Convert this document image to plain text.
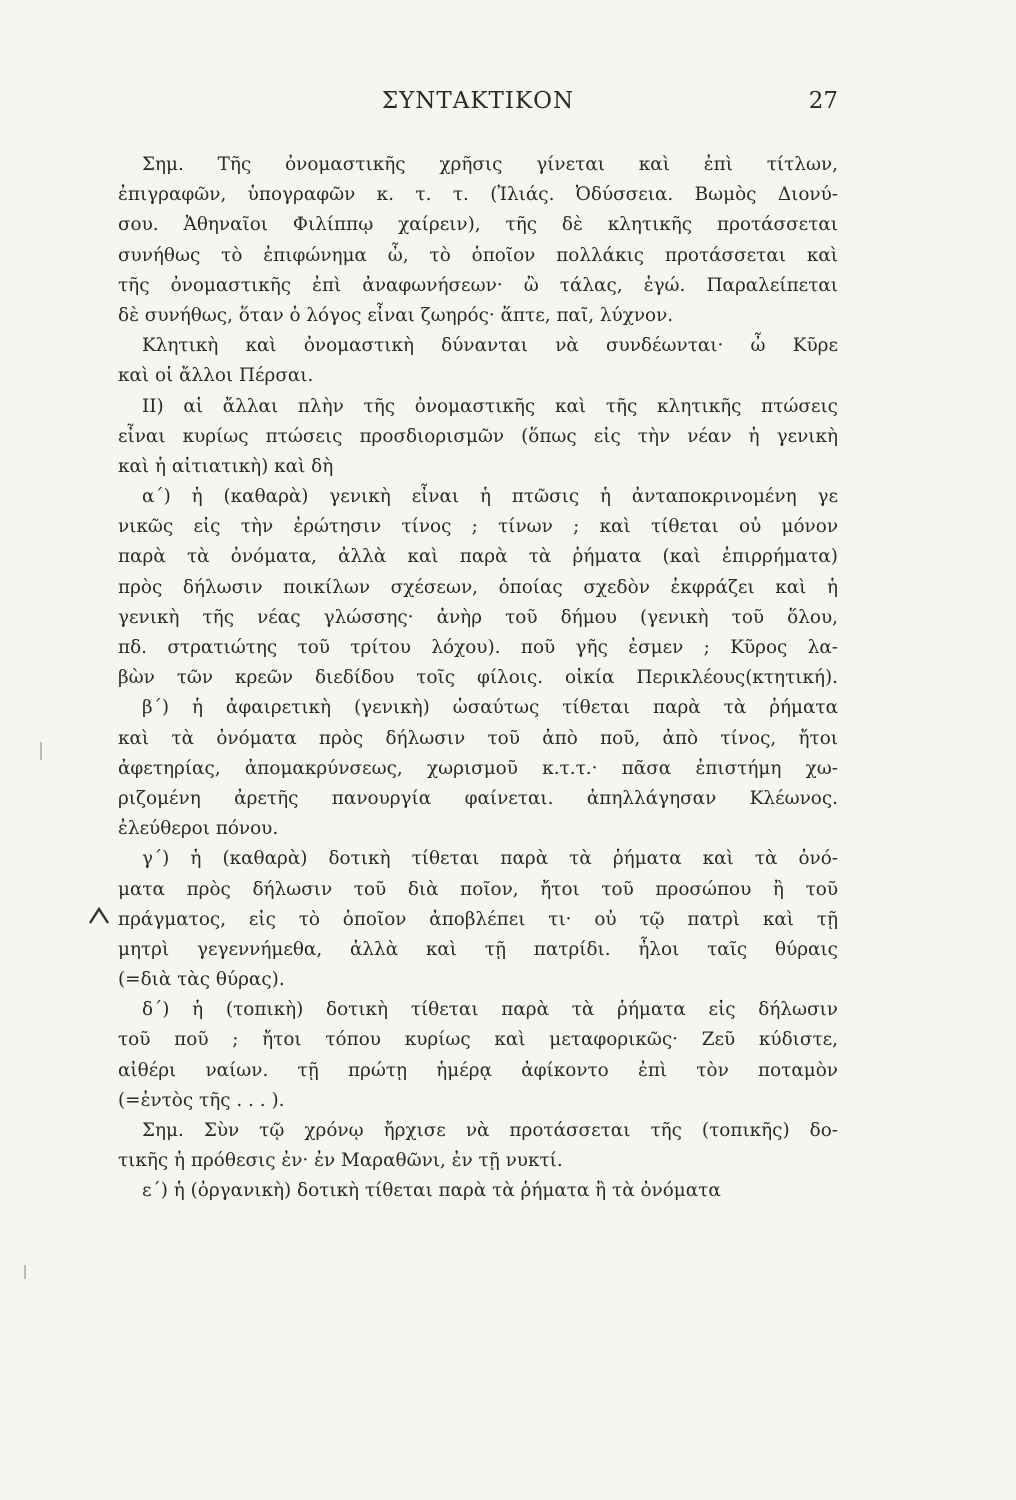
ΣΥΝΤΑΚΤΙΚΟΝ	27
Σημ. Τῆς ὀνομαστικῆς χρῆσις γίνεται καὶ ἐπὶ τίτλων,
ἐπιγραφῶν, ὑπογραφῶν κ. τ. τ. (Ἰλιάς. Ὀδύσσεια. Βωμὸς Διονύ-
σου. Ἀθηναῖοι Φιλίππῳ χαίρειν), τῆς δὲ κλητικῆς προτάσσεται
συνήθως τὸ ἐπιφώνημα ὦ, τὸ ὁποῖον πολλάκις προτάσσεται καὶ
τῆς ὀνομαστικῆς ἐπὶ ἀναφωνήσεων· ὢ τάλας, ἐγώ. Παραλείπεται
δὲ συνήθως, ὅταν ὁ λόγος εἶναι ζωηρός· ἅπτε, παῖ, λύχνον.
Κλητικὴ καὶ ὀνομαστικὴ δύνανται νὰ συνδέωνται· ὦ Κῦρε
καὶ οἱ ἄλλοι Πέρσαι.
II) αἱ ἄλλαι πλὴν τῆς ὀνομαστικῆς καὶ τῆς κλητικῆς πτώσεις
εἶναι κυρίως πτώσεις προσδιορισμῶν (ὅπως εἰς τὴν νέαν ἡ γενικὴ
καὶ ἡ αἰτιατικὴ) καὶ δὴ
α΄) ἡ (καθαρὰ) γενικὴ εἶναι ἡ πτῶσις ἡ ἀνταποκρινομένη γε
νικῶς εἰς τὴν ἐρώτησιν τίνος ; τίνων ; καὶ τίθεται οὐ μόνον
παρὰ τὰ ὀνόματα, ἀλλὰ καὶ παρὰ τὰ ῥήματα (καὶ ἐπιρρήματα)
πρὸς δήλωσιν ποικίλων σχέσεων, ὁποίας σχεδὸν ἐκφράζει καὶ ἡ
γενικὴ τῆς νέας γλώσσης· ἀνὴρ τοῦ δήμου (γενικὴ τοῦ ὅλου,
πδ. στρατιώτης τοῦ τρίτου λόχου). ποῦ γῆς ἐσμεν ; Κῦρος λα-
βὼν τῶν κρεῶν διεδίδου τοῖς φίλοις. οἰκία Περικλέους(κτητική).
β΄) ἡ ἀφαιρετικὴ (γενικὴ) ὡσαύτως τίθεται παρὰ τὰ ῥήματα
καὶ τὰ ὀνόματα πρὸς δήλωσιν τοῦ ἀπὸ ποῦ, ἀπὸ τίνος, ἤτοι
ἀφετηρίας, ἀπομακρύνσεως, χωρισμοῦ κ.τ.τ.· πᾶσα ἐπιστήμη χω-
ριζομένη ἀρετῆς πανουργία φαίνεται. ἀπηλλάγησαν Κλέωνος.
ἐλεύθεροι πόνου.
γ΄) ἡ (καθαρὰ) δοτικὴ τίθεται παρὰ τὰ ῥήματα καὶ τὰ ὀνό-
ματα πρὸς δήλωσιν τοῦ διὰ ποῖον, ἤτοι τοῦ προσώπου ἢ τοῦ
πράγματος, εἰς τὸ ὁποῖον ἀποβλέπει τι· οὐ τῷ πατρὶ καὶ τῇ
μητρὶ γεγεννήμεθα, ἀλλὰ καὶ τῇ πατρίδι. ἧλοι ταῖς θύραις
(=διὰ τὰς θύρας).
δ΄) ἡ (τοπικὴ) δοτικὴ τίθεται παρὰ τὰ ῥήματα εἰς δήλωσιν
τοῦ ποῦ ; ἤτοι τόπου κυρίως καὶ μεταφορικῶς· Ζεῦ κύδιστε,
αἰθέρι ναίων. τῇ πρώτῃ ἡμέρᾳ ἀφίκοντο ἐπὶ τὸν ποταμὸν
(=ἐντὸς τῆς . . . ).
Σημ. Σὺν τῷ χρόνῳ ἤρχισε νὰ προτάσσεται τῆς (τοπικῆς) δο-
τικῆς ἡ πρόθεσις ἐν· ἐν Μαραθῶνι, ἐν τῇ νυκτί.
ε΄) ἡ (ὀργανικὴ) δοτικὴ τίθεται παρὰ τὰ ῥήματα ἢ τὰ ὀνόματα
